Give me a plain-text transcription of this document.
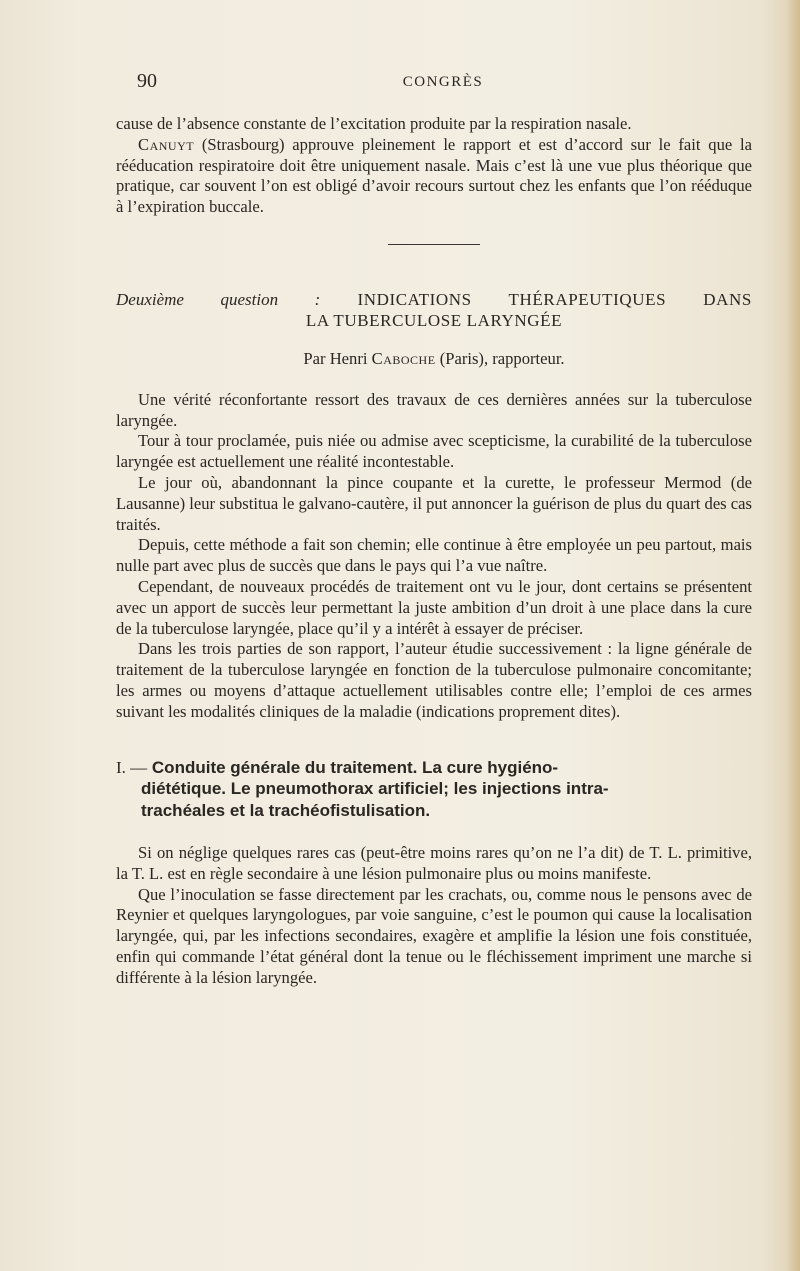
90	CONGRÈS

cause de l’absence constante de l’excitation produite par la respiration nasale.

Canuyt (Strasbourg) approuve pleinement le rapport et est d’accord sur le fait que la rééducation respiratoire doit être uniquement nasale. Mais c’est là une vue plus théorique que pratique, car souvent l’on est obligé d’avoir recours surtout chez les enfants que l’on rééduque à l’expiration buccale.

Deuxième question : INDICATIONS THÉRAPEUTIQUES DANS
LA TUBERCULOSE LARYNGÉE
Par Henri Caboche (Paris), rapporteur.

Une vérité réconfortante ressort des travaux de ces dernières années sur la tuberculose laryngée.

Tour à tour proclamée, puis niée ou admise avec scepticisme, la curabilité de la tuberculose laryngée est actuellement une réalité incontestable.

Le jour où, abandonnant la pince coupante et la curette, le professeur Mermod (de Lausanne) leur substitua le galvano-cautère, il put annoncer la guérison de plus du quart des cas traités.

Depuis, cette méthode a fait son chemin; elle continue à être employée un peu partout, mais nulle part avec plus de succès que dans le pays qui l’a vue naître.

Cependant, de nouveaux procédés de traitement ont vu le jour, dont certains se présentent avec un apport de succès leur permettant la juste ambition d’un droit à une place dans la cure de la tuberculose laryngée, place qu’il y a intérêt à essayer de préciser.

Dans les trois parties de son rapport, l’auteur étudie successivement : la ligne générale de traitement de la tuberculose laryngée en fonction de la tuberculose pulmonaire concomitante; les armes ou moyens d’attaque actuellement utilisables contre elle; l’emploi de ces armes suivant les modalités cliniques de la maladie (indications proprement dites).

I. — Conduite générale du traitement. La cure hygiéno-
diététique. Le pneumothorax artificiel; les injections intra-
trachéales et la trachéofistulisation.

Si on néglige quelques rares cas (peut-être moins rares qu’on ne l’a dit) de T. L. primitive, la T. L. est en règle secondaire à une lésion pulmonaire plus ou moins manifeste.

Que l’inoculation se fasse directement par les crachats, ou, comme nous le pensons avec de Reynier et quelques laryngologues, par voie sanguine, c’est le poumon qui cause la localisation laryngée, qui, par les infections secondaires, exagère et amplifie la lésion une fois constituée, enfin qui commande l’état général dont la tenue ou le fléchissement impriment une marche si différente à la lésion laryngée.
